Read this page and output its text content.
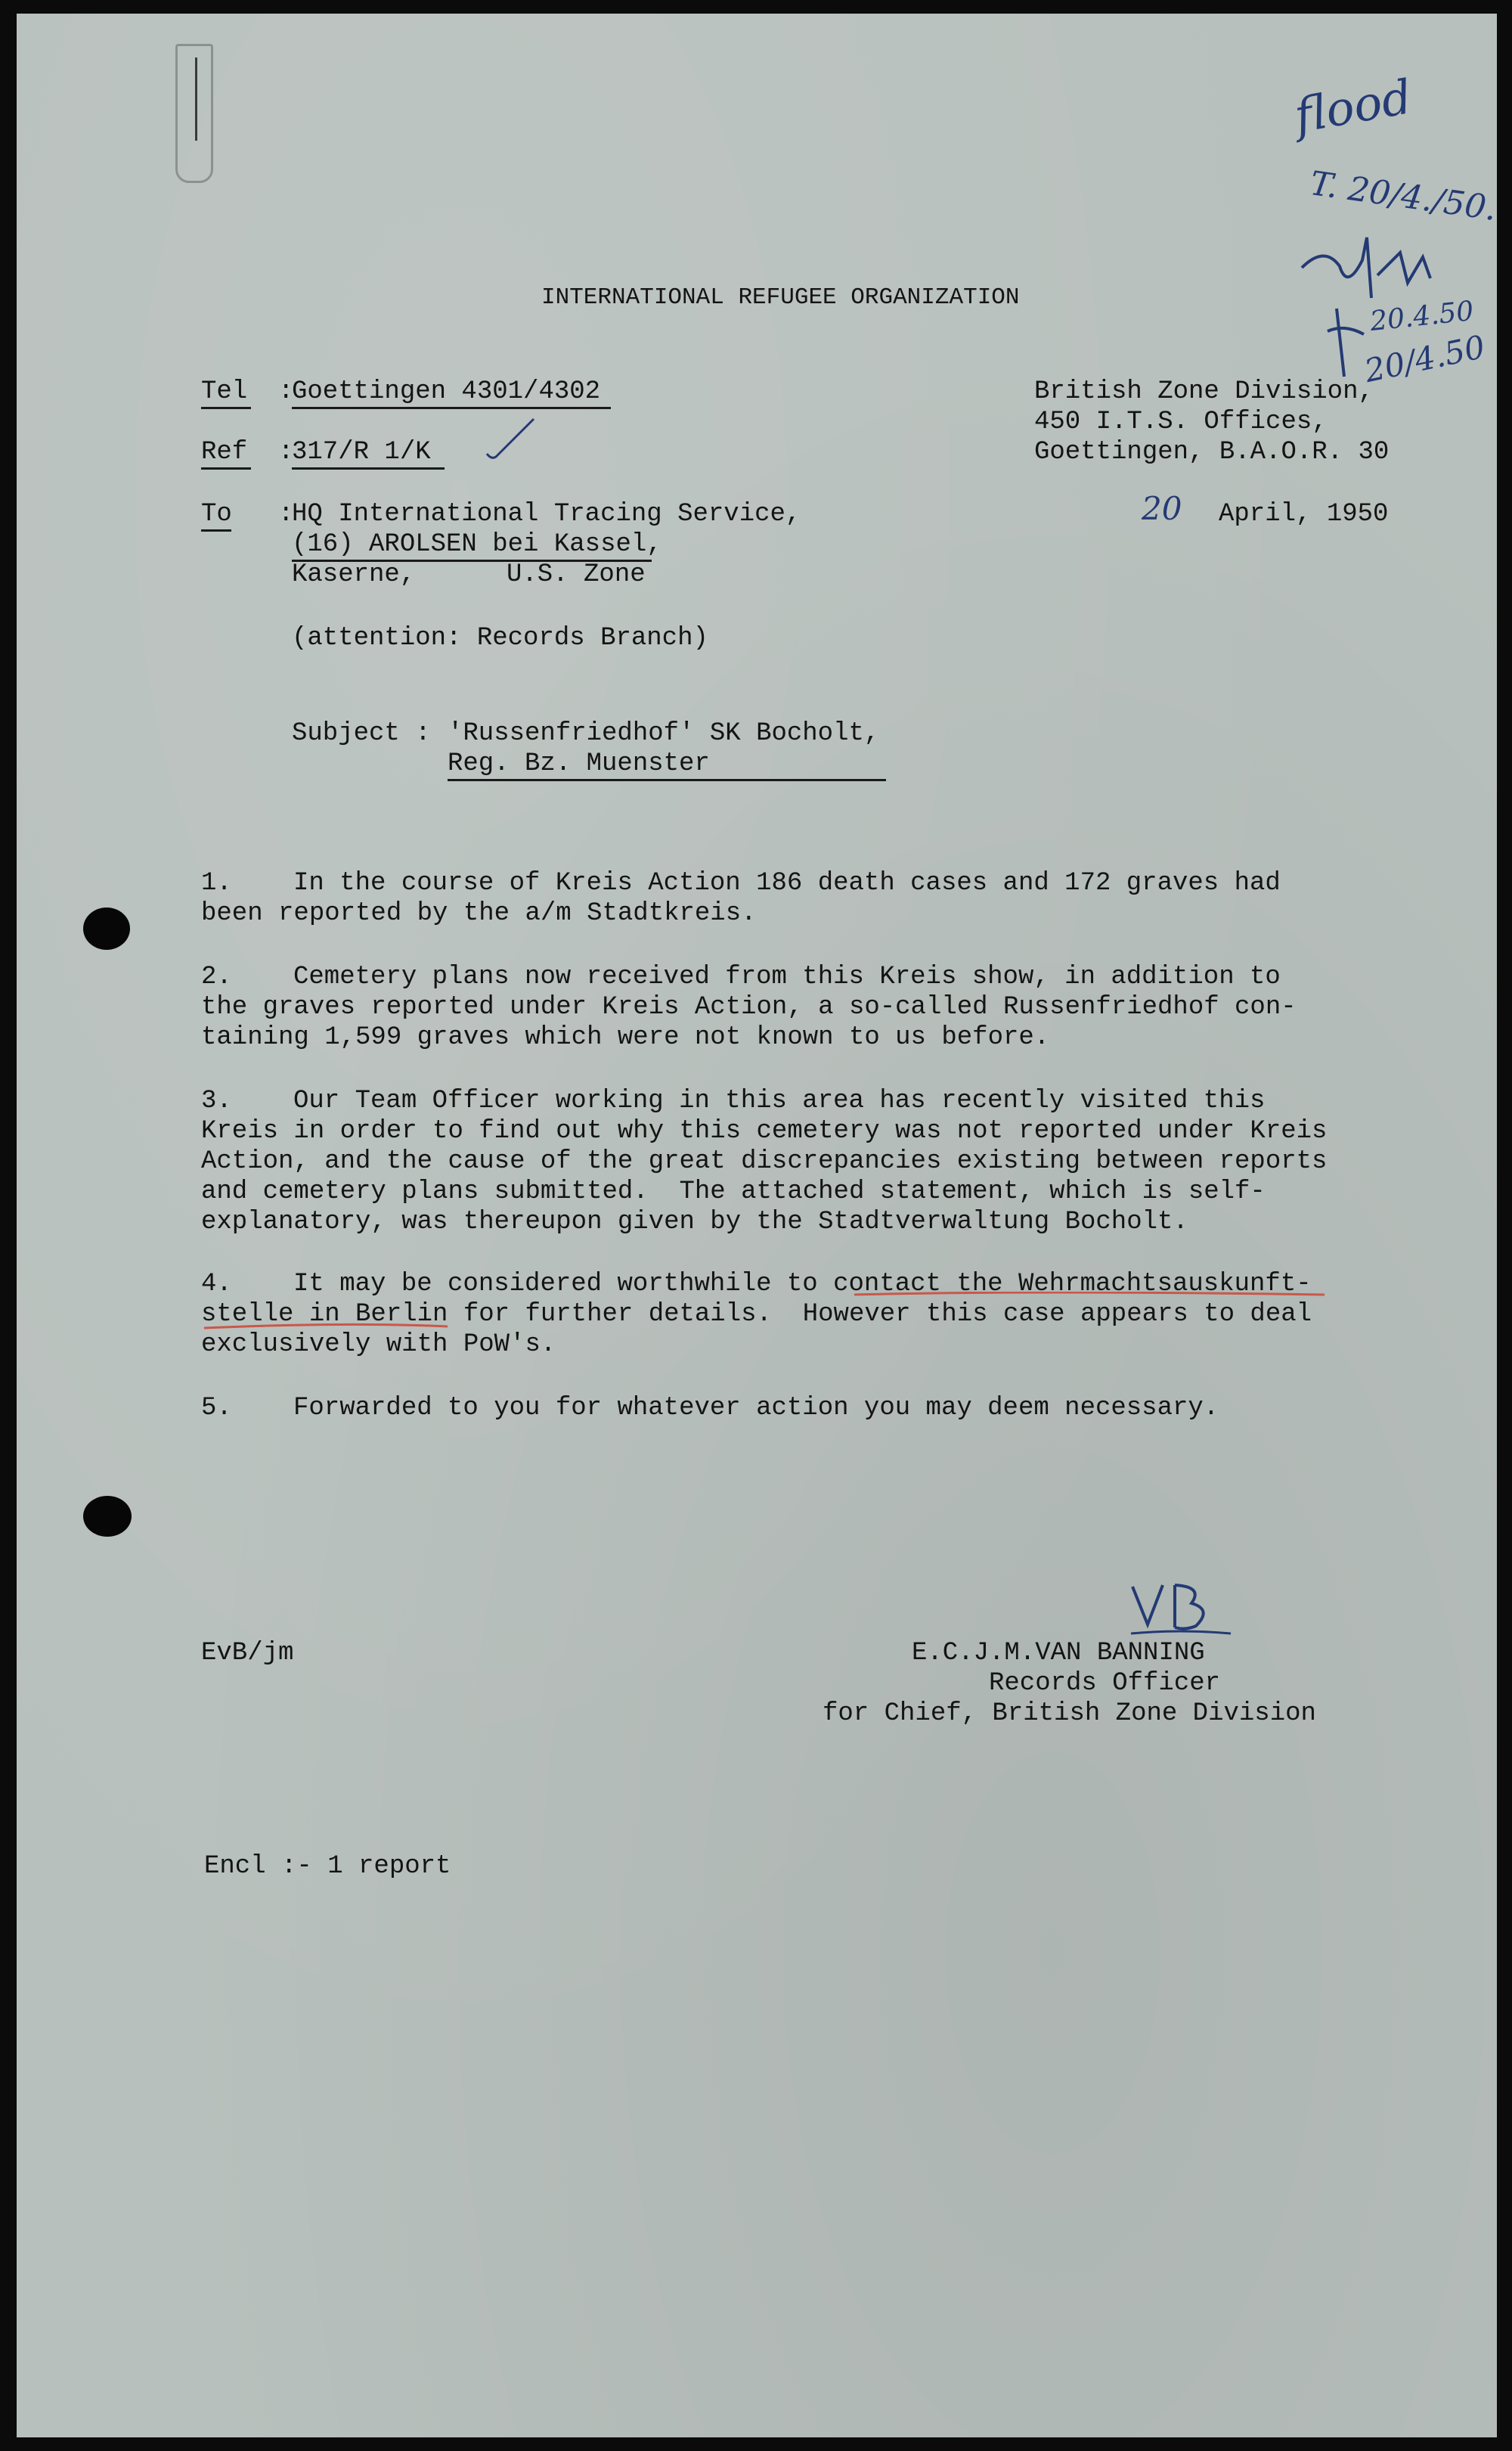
INTERNATIONAL REFUGEE ORGANIZATION

Tel :

Goettingen 4301/4302

Ref :

317/R 1/K

British Zone Division,

450 I.T.S. Offices,

Goettingen, B.A.O.R. 30

To :

HQ International Tracing Service,

(16) AROLSEN bei Kassel,

Kaserne,	U.S. Zone

(attention: Records Branch)

20 April, 1950

Subject : 'Russenfriedhof' SK Bocholt,

Reg. Bz. Muenster

1. In the course of Kreis Action 186 death cases and 172 graves had

been reported by the a/m Stadtkreis.

2. Cemetery plans now received from this Kreis show, in addition to

the graves reported under Kreis Action, a so-called Russenfriedhof con-

taining 1,599 graves which were not known to us before.

3. Our Team Officer working in this area has recently visited this

Kreis in order to find out why this cemetery was not reported under Kreis

Action, and the cause of the great discrepancies existing between reports

and cemetery plans submitted.  The attached statement, which is self-

explanatory, was thereupon given by the Stadtverwaltung Bocholt.

4. It may be considered worthwhile to contact the Wehrmachtsauskunft-

stelle in Berlin for further details.  However this case appears to deal

exclusively with PoW's.

5. Forwarded to you for whatever action you may deem necessary.

EvB/jm	E.C.J.M.VAN BANNING

Records Officer

for Chief, British Zone Division

Encl :- 1 report

flood

T. 20/4./50.

20.4.50

20/4.50
